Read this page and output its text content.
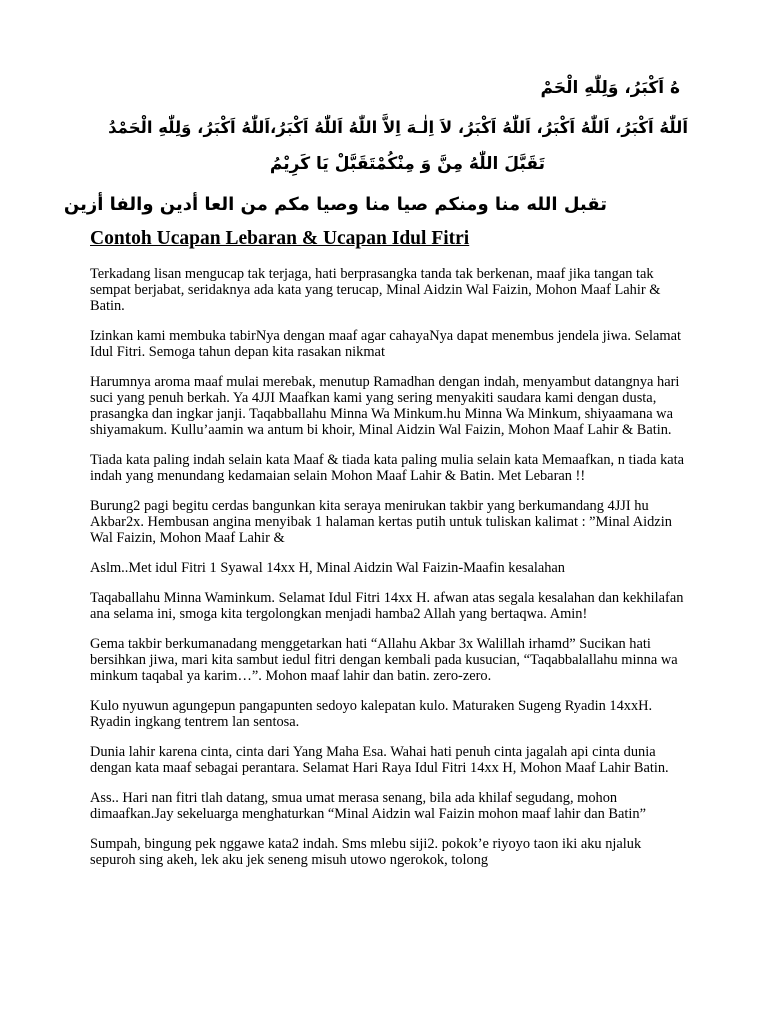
هُ اَكْبَرُ، وَلِلّٰهِ الْحَمْ
اَللّٰهُ اَكْبَرُ، اَللّٰهُ اَكْبَرُ، اَللّٰهُ اَكْبَرُ، لاَ اِلٰـهَ اِلاَّ اللّٰهُ اَللّٰهُ اَكْبَرُ،اَللّٰهُ اَكْبَرُ، وَلِلّٰهِ الْحَمْدُ
تَقَبَّلَ اللّٰهُ مِنَّ وَ مِنْكُمْتَقَبَّلْ يَا كَرِيْمُ
تقبل الله منا ومنكم صيا منا وصيا مكم من العا أدين والفا أزين
Contoh Ucapan Lebaran & Ucapan Idul Fitri

Terkadang lisan mengucap tak terjaga, hati berprasangka tanda tak berkenan, maaf jika tangan tak sempat berjabat, seridaknya ada kata yang terucap, Minal Aidzin Wal Faizin, Mohon Maaf Lahir & Batin.

Izinkan kami membuka tabirNya dengan maaf agar cahayaNya dapat menembus jendela jiwa. Selamat Idul Fitri. Semoga tahun depan kita rasakan nikmat

Harumnya aroma maaf mulai merebak, menutup Ramadhan dengan indah, menyambut datangnya hari suci yang penuh berkah. Ya 4JJI Maafkan kami yang sering menyakiti saudara kami dengan dusta, prasangka dan ingkar janji. Taqabballahu Minna Wa Minkum.hu Minna Wa Minkum, shiyaamana wa shiyamakum. Kullu’aamin wa antum bi khoir, Minal Aidzin Wal Faizin, Mohon Maaf Lahir & Batin.

Tiada kata paling indah selain kata Maaf & tiada kata paling mulia selain kata Memaafkan, n tiada kata indah yang menundang kedamaian selain Mohon Maaf Lahir & Batin. Met Lebaran !!

Burung2 pagi begitu cerdas bangunkan kita seraya menirukan takbir yang berkumandang 4JJI hu Akbar2x. Hembusan angina menyibak 1 halaman kertas putih untuk tuliskan kalimat : ”Minal Aidzin Wal Faizin, Mohon Maaf Lahir &

Aslm..Met idul Fitri 1 Syawal 14xx H, Minal Aidzin Wal Faizin-Maafin kesalahan

Taqaballahu Minna Waminkum. Selamat Idul Fitri 14xx H. afwan atas segala kesalahan dan kekhilafan ana selama ini, smoga kita tergolongkan menjadi hamba2 Allah yang bertaqwa. Amin!

Gema takbir berkumanadang menggetarkan hati “Allahu Akbar 3x Walillah irhamd” Sucikan hati bersihkan jiwa, mari kita sambut iedul fitri dengan kembali pada kusucian, “Taqabbalallahu minna wa minkum taqabal ya karim…”. Mohon maaf lahir dan batin. zero-zero.

Kulo nyuwun agungepun pangapunten sedoyo kalepatan kulo. Maturaken Sugeng Ryadin 14xxH. Ryadin ingkang tentrem lan sentosa.

Dunia lahir karena cinta, cinta dari Yang Maha Esa. Wahai hati penuh cinta jagalah api cinta dunia dengan kata maaf sebagai perantara. Selamat Hari Raya Idul Fitri 14xx H, Mohon Maaf Lahir Batin.

Ass.. Hari nan fitri tlah datang, smua umat merasa senang, bila ada khilaf segudang, mohon dimaafkan.Jay sekeluarga menghaturkan “Minal Aidzin wal Faizin mohon maaf lahir dan Batin”

Sumpah, bingung pek nggawe kata2 indah. Sms mlebu siji2. pokok’e riyoyo taon iki aku njaluk sepuroh sing akeh, lek aku jek seneng misuh utowo ngerokok, tolong
